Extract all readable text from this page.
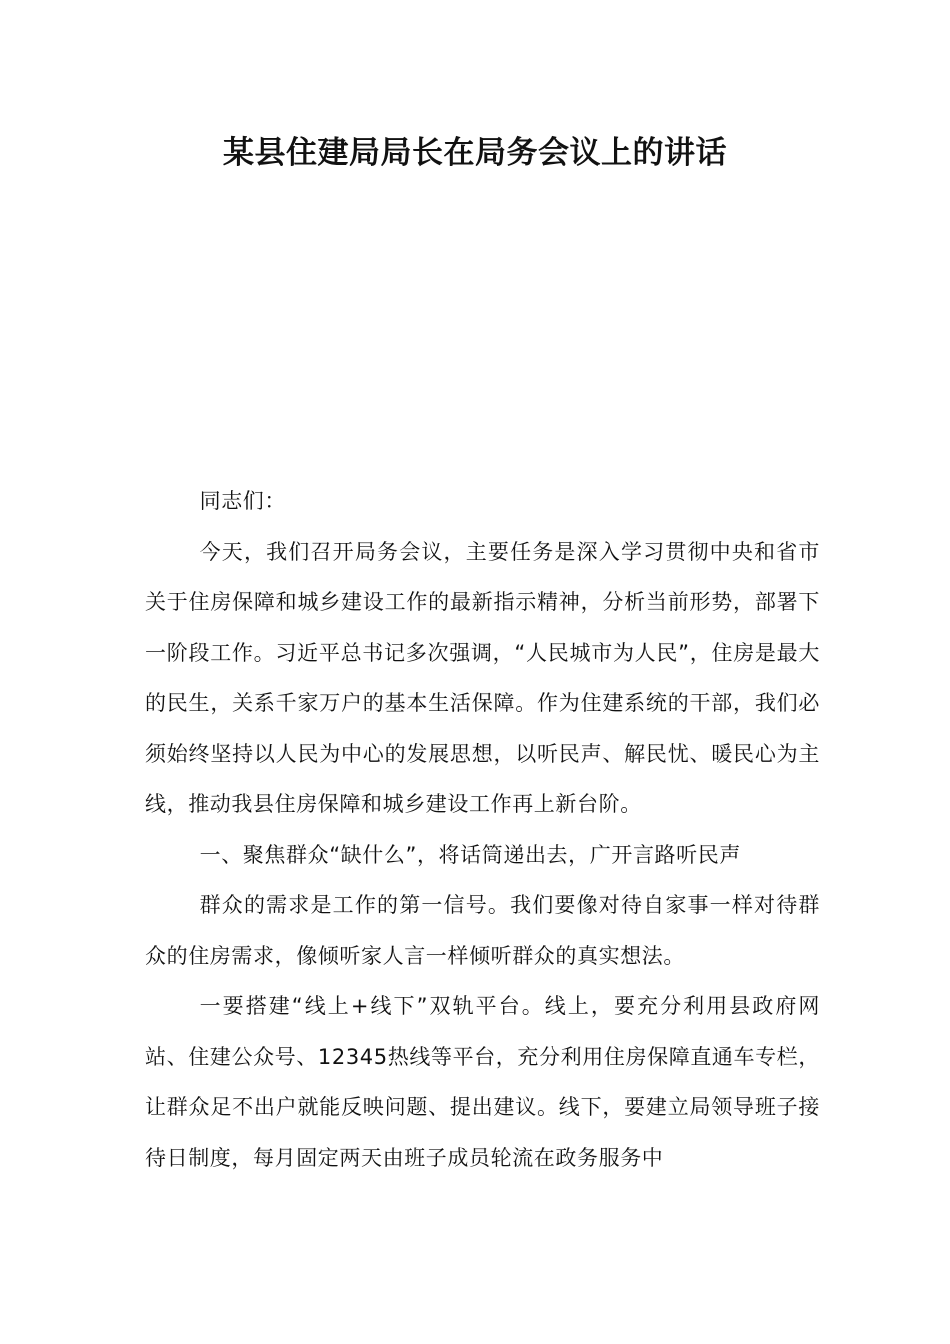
某县住建局局长在局务会议上的讲话

同志们：

今天，我们召开局务会议，主要任务是深入学习贯彻中央和省市关于住房保障和城乡建设工作的最新指示精神，分析当前形势，部署下一阶段工作。习近平总书记多次强调，“人民城市为人民”，住房是最大的民生，关系千家万户的基本生活保障。作为住建系统的干部，我们必须始终坚持以人民为中心的发展思想，以听民声、解民忧、暖民心为主线，推动我县住房保障和城乡建设工作再上新台阶。

一、聚焦群众“缺什么”，将话筒递出去，广开言路听民声

群众的需求是工作的第一信号。我们要像对待自家事一样对待群众的住房需求，像倾听家人言一样倾听群众的真实想法。

一要搭建“线上+线下”双轨平台。线上，要充分利用县政府网站、住建公众号、12345热线等平台，充分利用住房保障直通车专栏，让群众足不出户就能反映问题、提出建议。线下，要建立局领导班子接待日制度，每月固定两天由班子成员轮流在政务服务中
